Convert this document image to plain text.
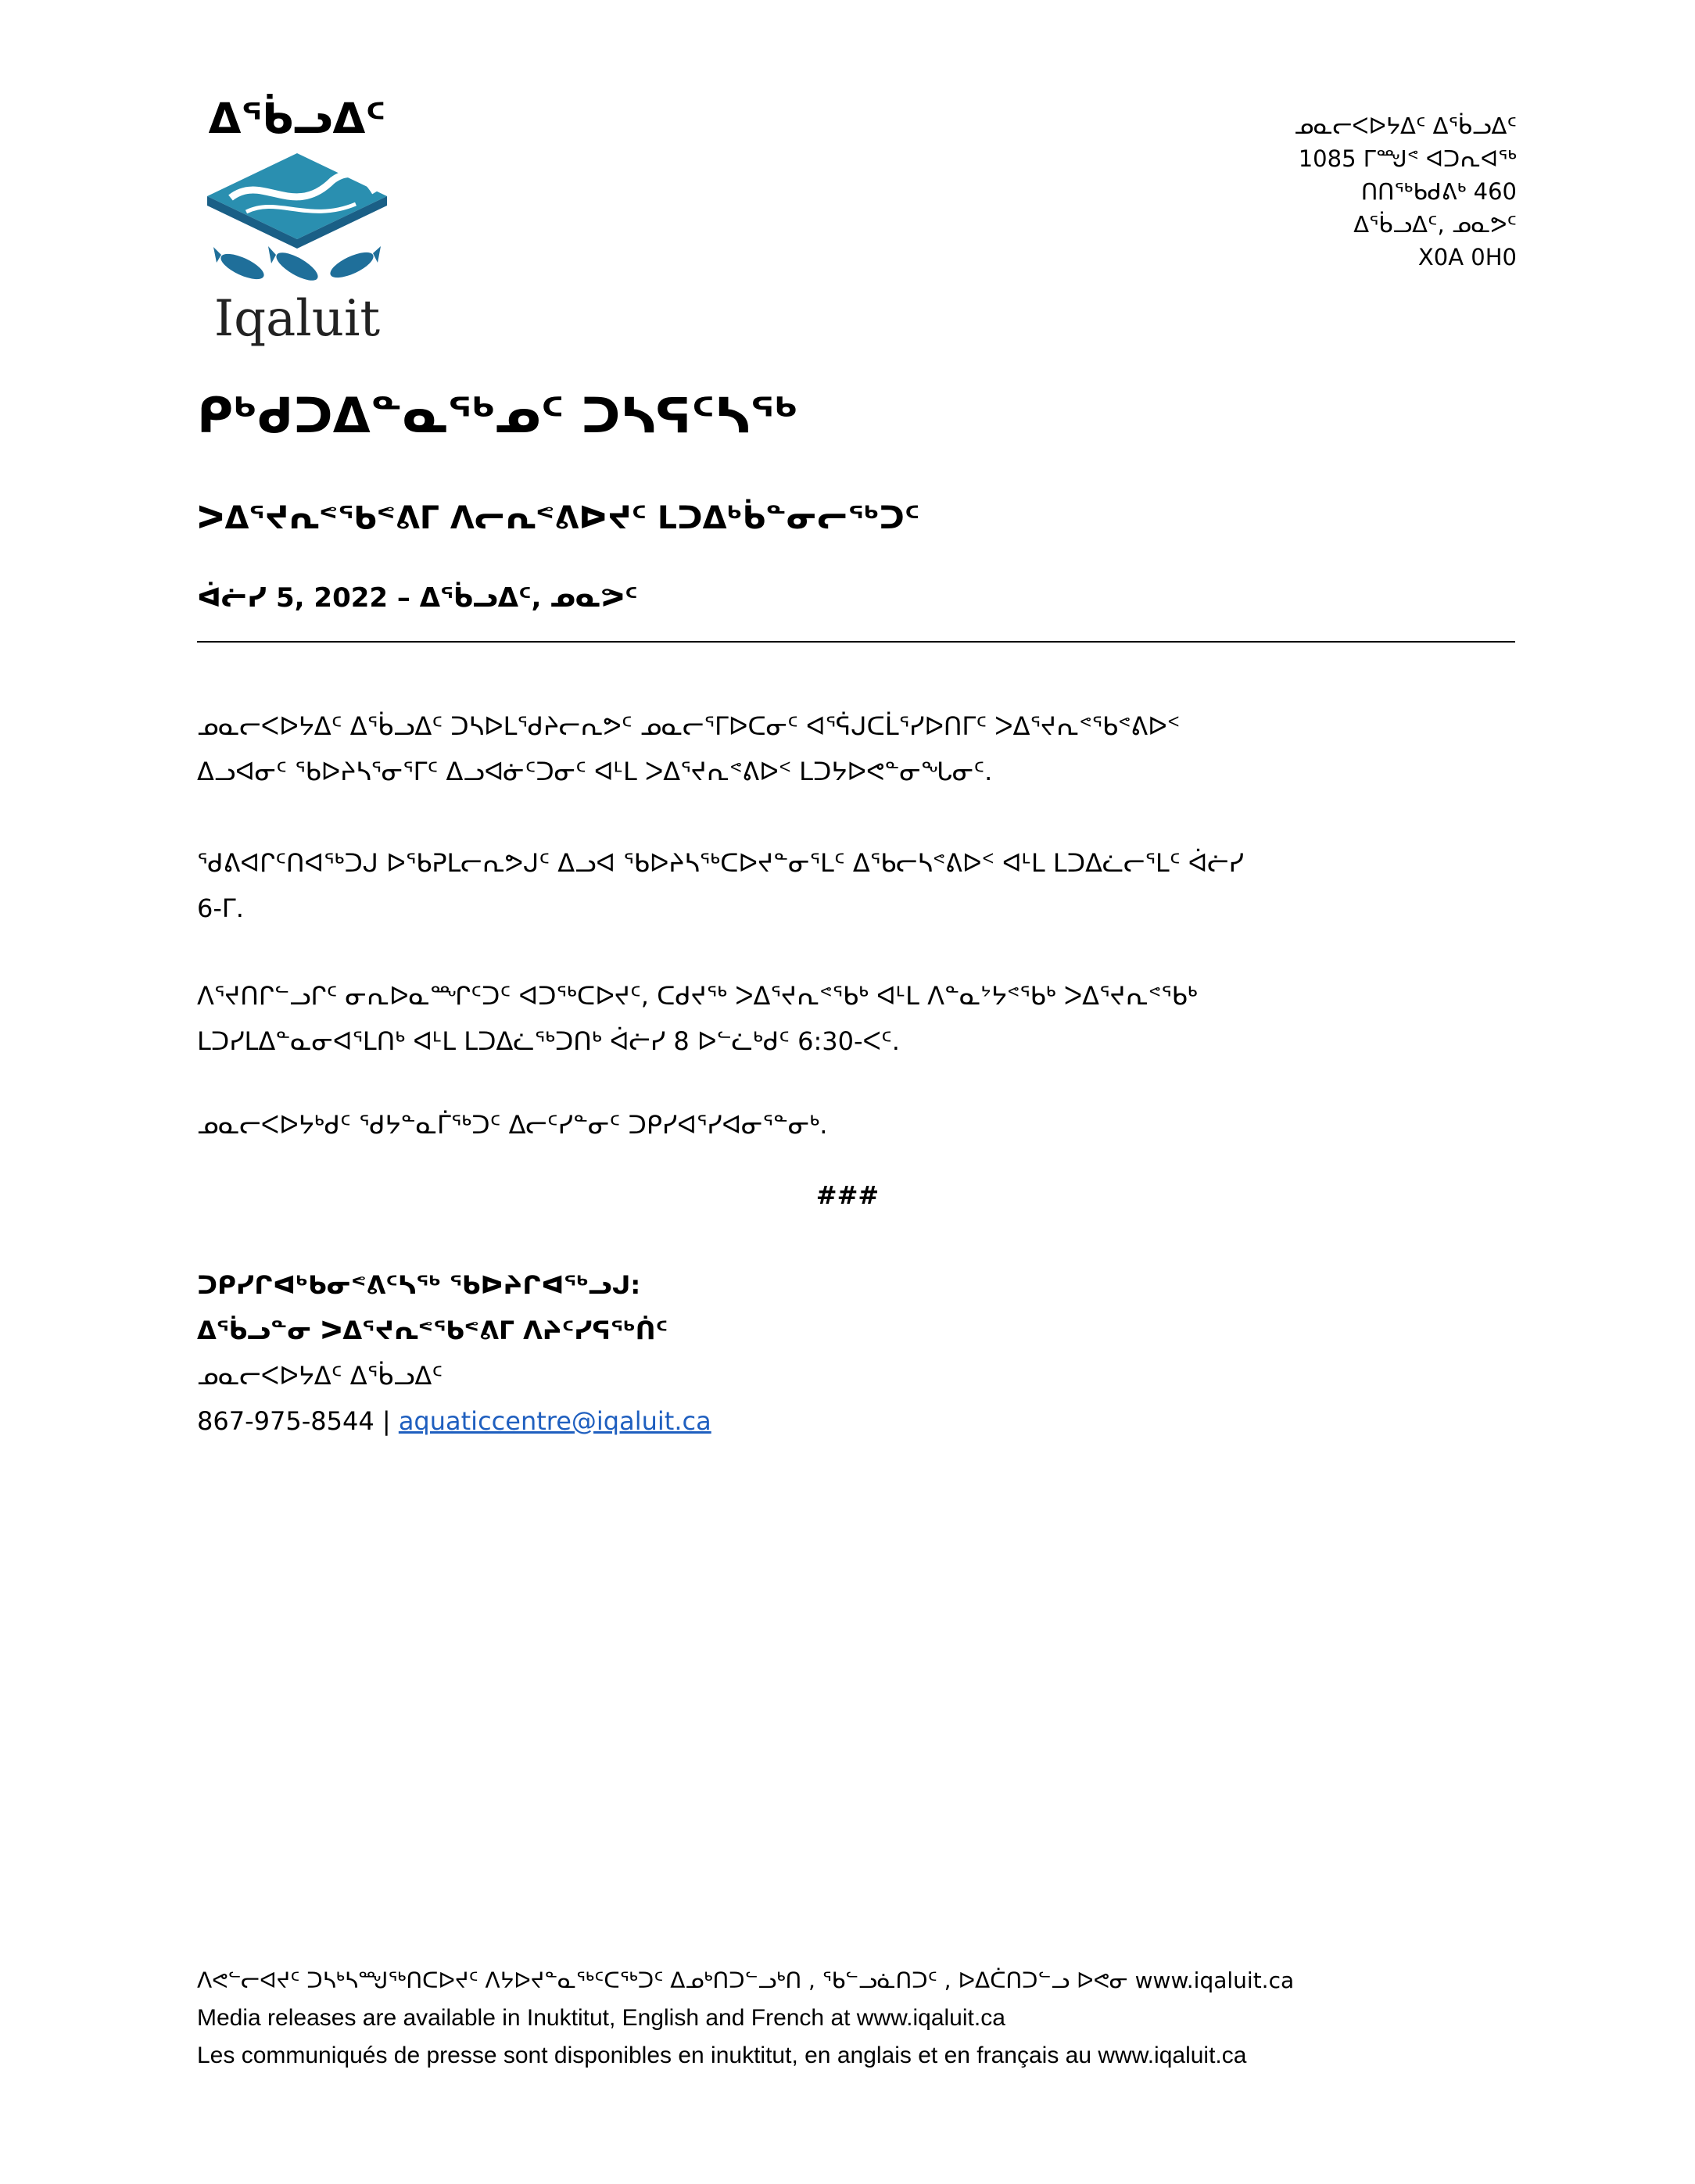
ᐃᖄᓗᐃᑦ
Iqaluit
ᓄᓇᓕᐸᐅᔭᐃᑦ ᐃᖄᓗᐃᑦ
1085 ᒥᙳᕝ ᐊᑐᕆᐊᖅ
ᑎᑎᖅᑲᑯᕕᒃ 460
ᐃᖄᓗᐃᑦ, ᓄᓇᕗᑦ
X0A 0H0
ᑭᒃᑯᑐᐃᓐᓇᖅᓄᑦ ᑐᓴᕋᑦᓴᖅ
ᐳᐃᕐᔪᕆᕝᖃᕝᕕᒥ ᐱᓕᕆᕝᕕᐅᔪᑦ ᒪᑐᐃᒃᑳᓐᓂᓕᖅᑐᑦ
ᐋᓖᓯ 5, 2022 – ᐃᖄᓗᐃᑦ, ᓄᓇᕗᑦ
ᓄᓇᓕᐸᐅᔭᐃᑦ ᐃᖄᓗᐃᑦ ᑐᓴᐅᒪᖁᔨᓕᕆᕗᑦ ᓄᓇᓕᕐᒥᐅᑕᓂᑦ ᐊᕐᕌᒍᑕᒫᕐᓯᐅᑎᒥᑦ ᐳᐃᕐᔪᕆᕝᖃᕝᕕᐅᑉ
ᐃᓗᐊᓂᑦ ᖃᐅᔨᓴᕐᓂᕐᒥᑦ ᐃᓗᐊᓃᑦᑐᓂᑦ ᐊᒻᒪ ᐳᐃᕐᔪᕆᕝᕕᐅᑉ ᒪᑐᔭᐅᕙᓐᓂᖓᓂᑦ.
ᖁᕕᐊᒋᑦᑎᐊᖅᑐᒍ ᐅᖃᕈᒪᓕᕆᕗᒍᑦ ᐃᓗᐊ ᖃᐅᔨᓴᖅᑕᐅᔪᓐᓂᕐᒪᑦ ᐃᖃᓕᓴᕝᕕᐅᑉ ᐊᒻᒪ ᒪᑐᐃᓛᓕᕐᒪᑦ ᐋᓖᓯ
6-ᒥ.
ᐱᕐᔪᑎᒋᓪᓗᒋᑦ ᓂᕆᐅᓇᙱᑦᑐᑦ ᐊᑐᖅᑕᐅᔪᑦ, ᑕᑯᔪᖅ ᐳᐃᕐᔪᕆᕝᖃᒃ ᐊᒻᒪ ᐱᓐᓇᔾᔭᕝᖃᒃ ᐳᐃᕐᔪᕆᕝᖃᒃ
ᒪᑐᓯᒪᐃᓐᓇᓂᐊᕐᒪᑎᒃ ᐊᒻᒪ ᒪᑐᐃᓛᖅᑐᑎᒃ ᐋᓖᓯ 8 ᐅᓪᓛᒃᑯᑦ 6:30-ᐸᑦ.
ᓄᓇᓕᐸᐅᔭᒃᑯᑦ ᖁᔭᓐᓇᒦᖅᑐᑦ ᐃᓕᑦᓯᓐᓂᑦ ᑐᑭᓯᐊᕐᓯᐊᓂᕐᓐᓂᒃ.
###
ᑐᑭᓯᒋᐊᒃᑲᓂᕝᕕᑦᓴᖅ ᖃᐅᔨᒋᐊᖅᓗᒍ:
ᐃᖄᓗᓐᓂ ᐳᐃᕐᔪᕆᕝᖃᕝᕕᒥ ᐱᔨᑦᓯᕋᖅᑏᑦ
ᓄᓇᓕᐸᐅᔭᐃᑦ ᐃᖄᓗᐃᑦ
867-975-8544 | aquaticcentre@iqaluit.ca
ᐱᕙᓪᓕᐊᔪᑦ ᑐᓴᒃᓴᙳᖅᑎᑕᐅᔪᑦ ᐱᔭᐅᔪᓐᓇᖅᑦᑕᖅᑐᑦ ᐃᓄᒃᑎᑐᓪᓗᒃᑎ , ᖃᓪᓗᓈᑎᑐᑦ , ᐅᐃᑖᑎᑐᓪᓗ ᐅᕙᓂ www.iqaluit.ca
Media releases are available in Inuktitut, English and French at www.iqaluit.ca
Les communiqués de presse sont disponibles en inuktitut, en anglais et en français au www.iqaluit.ca
